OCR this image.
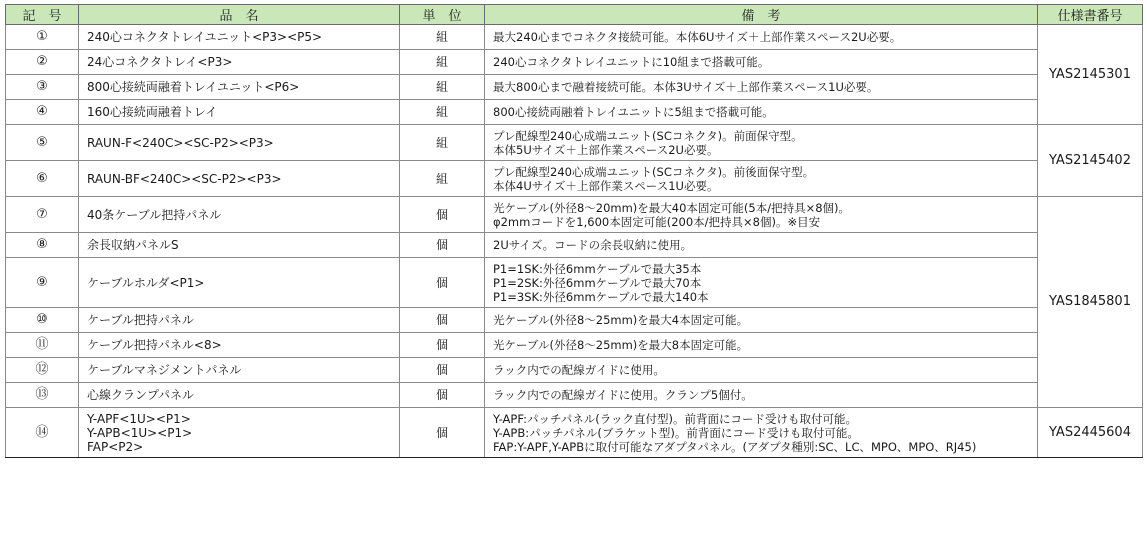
記　号	品　名	単　位	備　考	仕様書番号
①	240心コネクタトレイユニット<P3><P5>	組	最大240心までコネクタ接続可能。本体6Uサイズ＋上部作業スペース2U必要。	YAS2145301
②	24心コネクタトレイ<P3>	組	240心コネクタトレイユニットに10組まで搭載可能。	
③	800心接続両融着トレイユニット<P6>	組	最大800心まで融着接続可能。本体3Uサイズ＋上部作業スペース1U必要。	
④	160心接続両融着トレイ	組	800心接続両融着トレイユニットに5組まで搭載可能。	
⑤	RAUN-F<240C><SC-P2><P3>	組	プレ配線型240心成端ユニット(SCコネクタ)。前面保守型。
本体5Uサイズ＋上部作業スペース2U必要。	YAS2145402
⑥	RAUN-BF<240C><SC-P2><P3>	組	プレ配線型240心成端ユニット(SCコネクタ)。前後面保守型。
本体4Uサイズ＋上部作業スペース1U必要。	
⑦	40条ケーブル把持パネル	個	光ケーブル(外径8〜20mm)を最大40本固定可能(5本/把持具×8個)。
φ2mmコードを1,600本固定可能(200本/把持具×8個)。※目安	YAS1845801
⑧	余長収納パネルS	個	2Uサイズ。コードの余長収納に使用。	
⑨	ケーブルホルダ<P1>	個	P1=1SK:外径6mmケーブルで最大35本
P1=2SK:外径6mmケーブルで最大70本
P1=3SK:外径6mmケーブルで最大140本	
⑩	ケーブル把持パネル	個	光ケーブル(外径8〜25mm)を最大4本固定可能。	
⑪	ケーブル把持パネル<8>	個	光ケーブル(外径8〜25mm)を最大8本固定可能。	
⑫	ケーブルマネジメントパネル	個	ラック内での配線ガイドに使用。	
⑬	心線クランプパネル	個	ラック内での配線ガイドに使用。クランプ5個付。	
⑭	Y-APF<1U><P1>
Y-APB<1U><P1>
FAP<P2>	個	Y-APF:パッチパネル(ラック直付型)。前背面にコード受けも取付可能。
Y-APB:パッチパネル(ブラケット型)。前背面にコード受けも取付可能。
FAP:Y-APF,Y-APBに取付可能なアダプタパネル。(アダプタ種別:SC、LC、MPO、MPO、RJ45)	YAS2445604
